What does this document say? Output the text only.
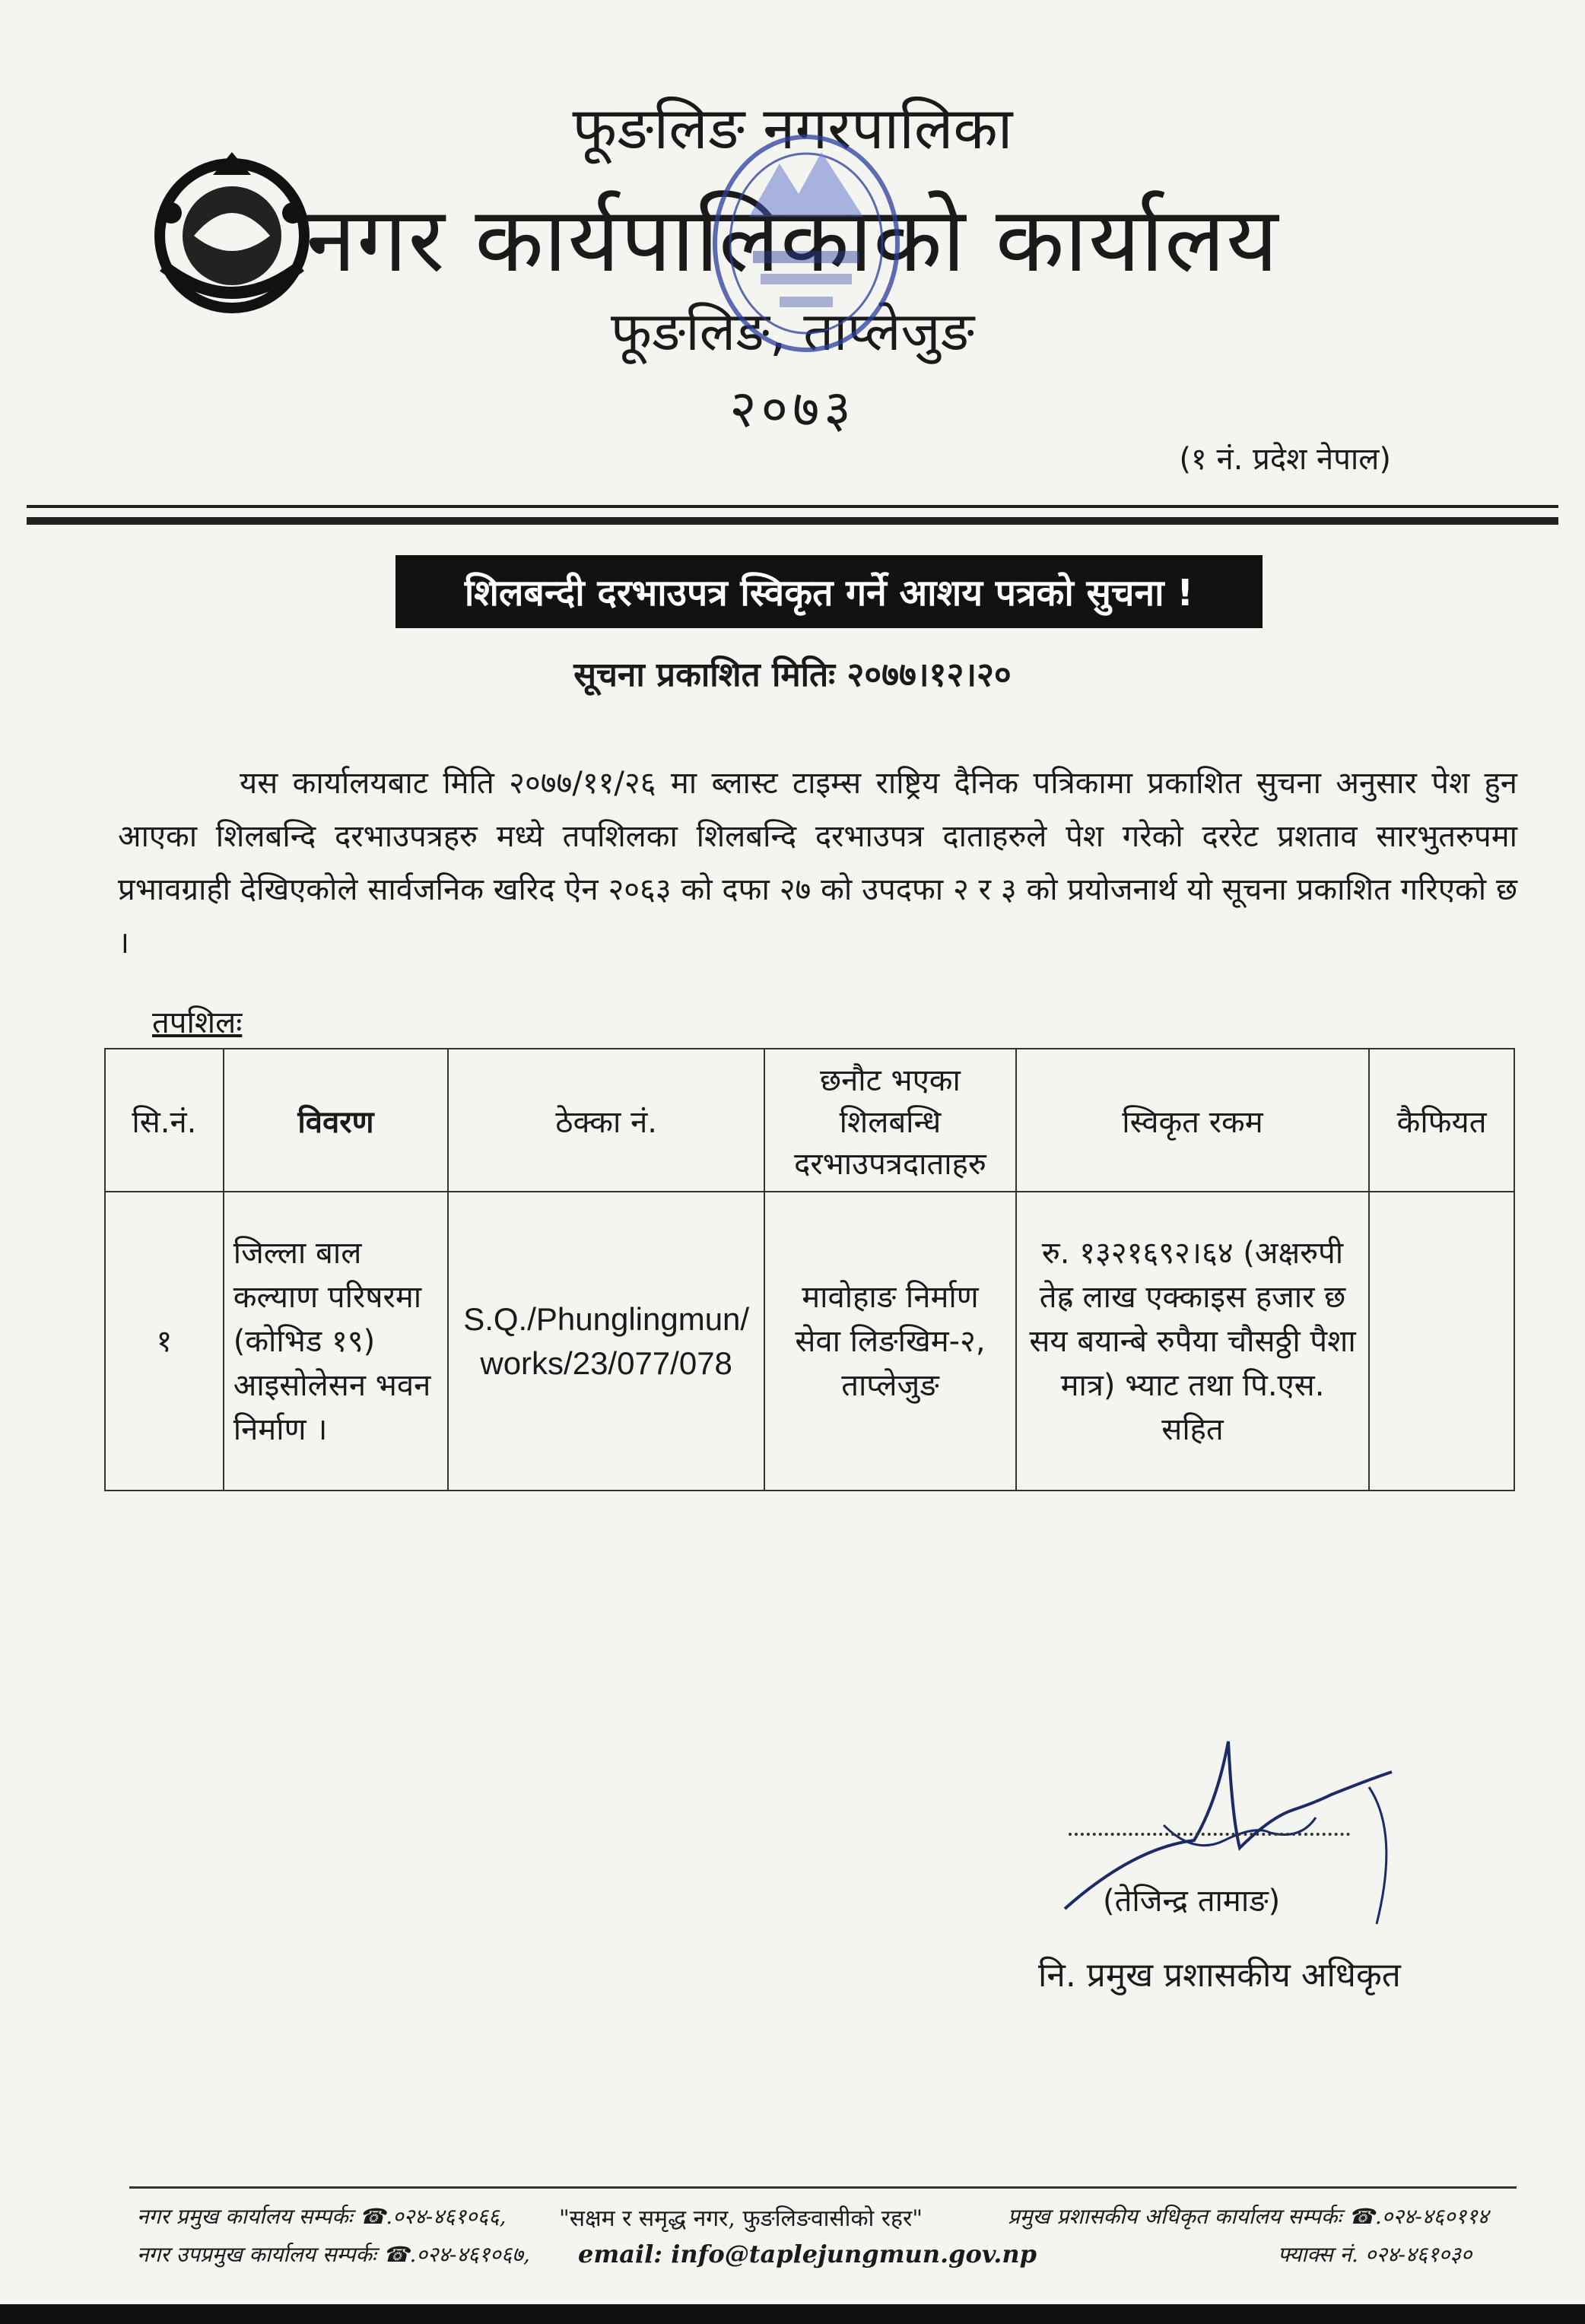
फूङलिङ नगरपालिका
नगर कार्यपालिकाको कार्यालय
फूङलिङ, ताप्लेजुङ
२०७३
(१ नं. प्रदेश नेपाल)
शिलबन्दी दरभाउपत्र स्विकृत गर्ने आशय पत्रको सुचना !
सूचना प्रकाशित मितिः २०७७।१२।२०

यस कार्यालयबाट मिति २०७७/११/२६ मा ब्लास्ट टाइम्स राष्ट्रिय दैनिक पत्रिकामा प्रकाशित सुचना अनुसार पेश हुन आएका शिलबन्दि दरभाउपत्रहरु मध्ये तपशिलका शिलबन्दि दरभाउपत्र दाताहरुले पेश गरेको दररेट प्रशताव सारभुतरुपमा प्रभावग्राही देखिएकोले सार्वजनिक खरिद ऐन २०६३ को दफा २७ को उपदफा २ र ३ को प्रयोजनार्थ यो सूचना प्रकाशित गरिएको छ ।

तपशिलः
सि.नं.	विवरण	ठेक्का नं.	छनौट भएका शिलबन्धि दरभाउपत्रदाताहरु	स्विकृत रकम	कैफियत
१	जिल्ला बाल कल्याण परिषरमा (कोभिड १९) आइसोलेसन भवन निर्माण ।	S.Q./Phunglingmun/ works/23/077/078	मावोहाङ निर्माण सेवा लिङखिम-२, ताप्लेजुङ	रु. १३२१६९२।६४ (अक्षरुपी तेह्र लाख एक्काइस हजार छ सय बयान्बे रुपैया चौसठ्ठी पैशा मात्र) भ्याट तथा पि.एस. सहित	
(तेजिन्द्र तामाङ)
नि. प्रमुख प्रशासकीय अधिकृत
नगर प्रमुख कार्यालय सम्पर्कः ☎.०२४-४६१०६६,
नगर उपप्रमुख कार्यालय सम्पर्कः ☎.०२४-४६१०६७,
"सक्षम र समृद्ध नगर, फुङलिङवासीको रहर"
email: info@taplejungmun.gov.np
प्रमुख प्रशासकीय अधिकृत कार्यालय सम्पर्कः ☎.०२४-४६०११४
फ्याक्स नं. ०२४-४६१०३०
